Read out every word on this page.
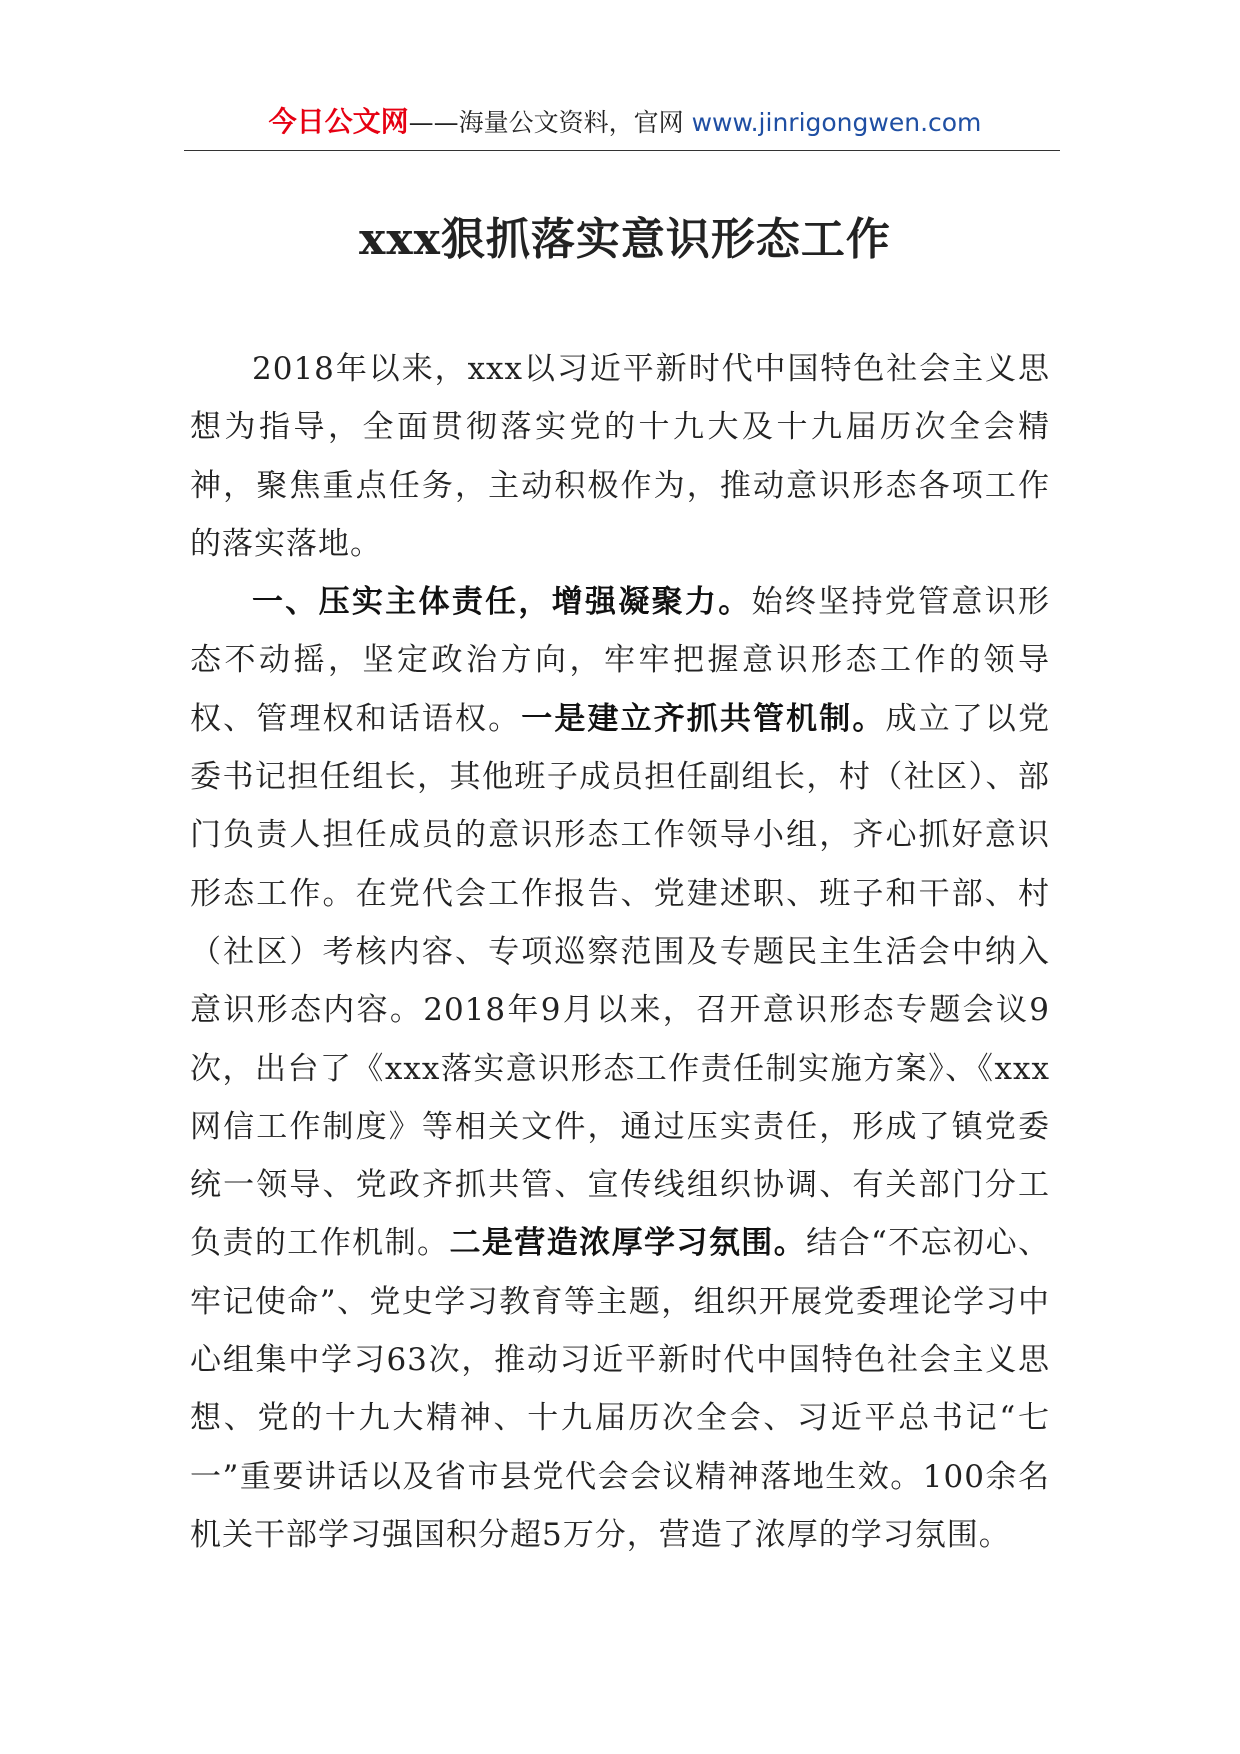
今日公文网——海量公文资料，官网 www.jinrigongwen.com
xxx狠抓落实意识形态工作

2018年以来，xxx以习近平新时代中国特色社会主义思想为指导，全面贯彻落实党的十九大及十九届历次全会精神，聚焦重点任务，主动积极作为，推动意识形态各项工作的落实落地。

一、压实主体责任，增强凝聚力。始终坚持党管意识形态不动摇，坚定政治方向，牢牢把握意识形态工作的领导权、管理权和话语权。一是建立齐抓共管机制。成立了以党委书记担任组长，其他班子成员担任副组长，村（社区）、部门负责人担任成员的意识形态工作领导小组，齐心抓好意识形态工作。在党代会工作报告、党建述职、班子和干部、村（社区）考核内容、专项巡察范围及专题民主生活会中纳入意识形态内容。2018年9月以来，召开意识形态专题会议9次，出台了《xxx落实意识形态工作责任制实施方案》、《xxx网信工作制度》等相关文件，通过压实责任，形成了镇党委统一领导、党政齐抓共管、宣传线组织协调、有关部门分工负责的工作机制。二是营造浓厚学习氛围。结合“不忘初心、牢记使命”、党史学习教育等主题，组织开展党委理论学习中心组集中学习63次，推动习近平新时代中国特色社会主义思想、党的十九大精神、十九届历次全会、习近平总书记“七一”重要讲话以及省市县党代会会议精神落地生效。100余名机关干部学习强国积分超5万分，营造了浓厚的学习氛围。
